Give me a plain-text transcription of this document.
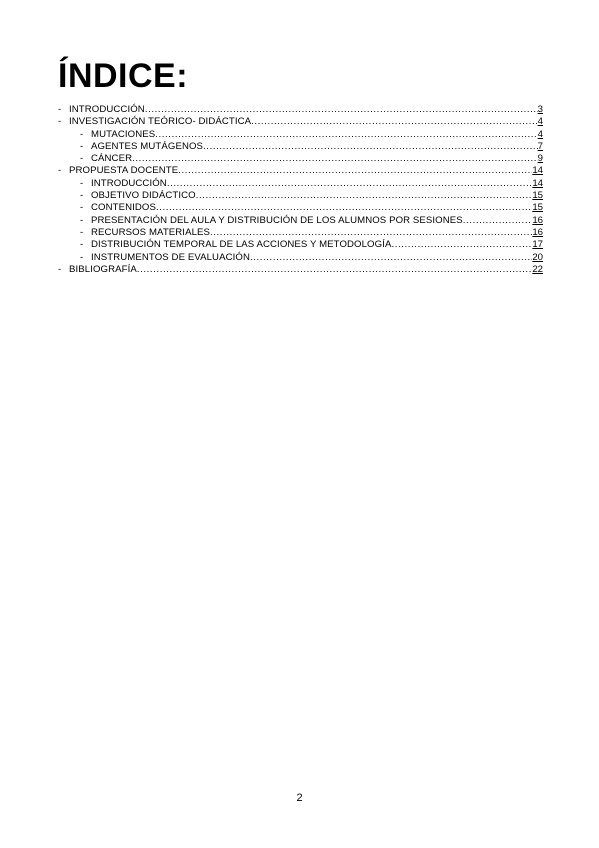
ÍNDICE:
- INTRODUCCIÓN .....	3
- INVESTIGACIÓN TEÓRICO- DIDÁCTICA .....	4
- MUTACIONES .....	4
- AGENTES MUTÁGENOS .....	7
- CÁNCER .....	9
- PROPUESTA DOCENTE .....	14
- INTRODUCCIÓN .....	14
- OBJETIVO DIDÁCTICO .....	15
- CONTENIDOS .....	15
- PRESENTACIÓN DEL AULA Y DISTRIBUCIÓN DE LOS ALUMNOS POR SESIONES .....	16
- RECURSOS MATERIALES .....	16
- DISTRIBUCIÓN TEMPORAL DE LAS ACCIONES Y METODOLOGÍA .....	17
- INSTRUMENTOS DE EVALUACIÓN .....	20
- BIBLIOGRAFÍA .....	22

2
